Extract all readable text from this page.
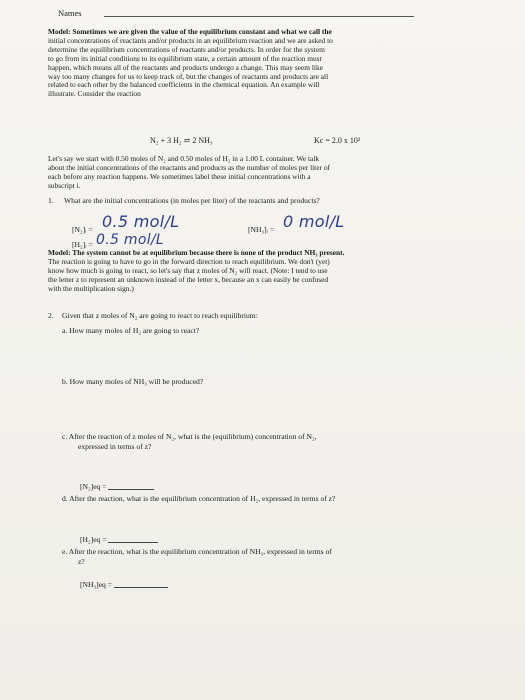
Names
Model: Sometimes we are given the value of the equilibrium constant and what we call the
initial concentrations of reactants and/or products in an equilibrium reaction and we are asked to
determine the equilibrium concentrations of reactants and/or products. In order for the system
to go from its initial conditions to its equilibrium state, a certain amount of the reaction must
happen, which means all of the reactants and products undergo a change. This may seem like
way too many changes for us to keep track of, but the changes of reactants and products are all
related to each other by the balanced coefficients in the chemical equation. An example will
illustrate. Consider the reaction
N₂ + 3 H₂ ⇌ 2 NH₃	Kc = 2.0 x 10²
Let's say we start with 0.50 moles of N₂ and 0.50 moles of H₂ in a 1.00 L container. We talk
about the initial concentrations of the reactants and products as the number of moles per liter of
each before any reaction happens. We sometimes label these initial concentrations with a
subscript i.
1. What are the initial concentrations (in moles per liter) of the reactants and products?
[N₂]ᵢ = 0.5 mol/L	[NH₃]ᵢ = 0 mol/L
[H₂]ᵢ = 0.5 mol/L
Model: The system cannot be at equilibrium because there is none of the product NH₃ present.
The reaction is going to have to go in the forward direction to reach equilibrium. We don't (yet)
know how much is going to react, so let's say that z moles of N₂ will react. (Note: I tend to use
the letter z to represent an unknown instead of the letter x, because an x can easily be confused
with the multiplication sign.)
2. Given that z moles of N₂ are going to react to reach equilibrium:
a. How many moles of H₂ are going to react?
b. How many moles of NH₃ will be produced?
c. After the reaction of z moles of N₂, what is the (equilibrium) concentration of N₂,
expressed in terms of z?
[N₂]eq =
d. After the reaction, what is the equilibrium concentration of H₂, expressed in terms of z?
[H₂]eq =
e. After the reaction, what is the equilibrium concentration of NH₃, expressed in terms of
z?
[NH₃]eq =
